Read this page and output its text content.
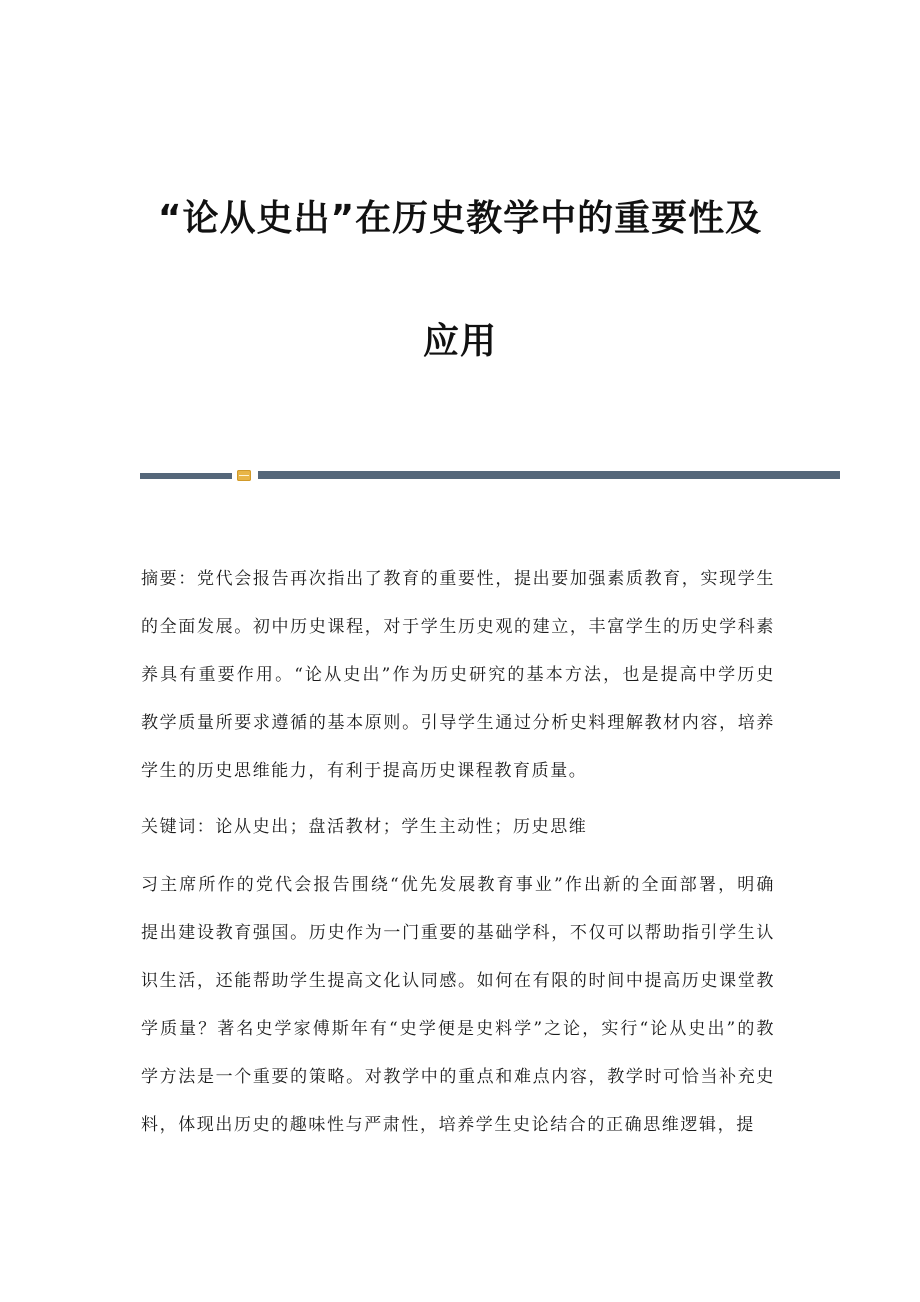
“论从史出”在历史教学中的重要性及
应用

摘要：党代会报告再次指出了教育的重要性，提出要加强素质教育，实现学生的全面发展。初中历史课程，对于学生历史观的建立，丰富学生的历史学科素养具有重要作用。“论从史出”作为历史研究的基本方法，也是提高中学历史教学质量所要求遵循的基本原则。引导学生通过分析史料理解教材内容，培养学生的历史思维能力，有利于提高历史课程教育质量。

关键词：论从史出；盘活教材；学生主动性；历史思维

习主席所作的党代会报告围绕“优先发展教育事业”作出新的全面部署，明确提出建设教育强国。历史作为一门重要的基础学科，不仅可以帮助指引学生认识生活，还能帮助学生提高文化认同感。如何在有限的时间中提高历史课堂教学质量？著名史学家傅斯年有“史学便是史料学”之论，实行“论从史出”的教学方法是一个重要的策略。对教学中的重点和难点内容，教学时可恰当补充史料，体现出历史的趣味性与严肃性，培养学生史论结合的正确思维逻辑，提
